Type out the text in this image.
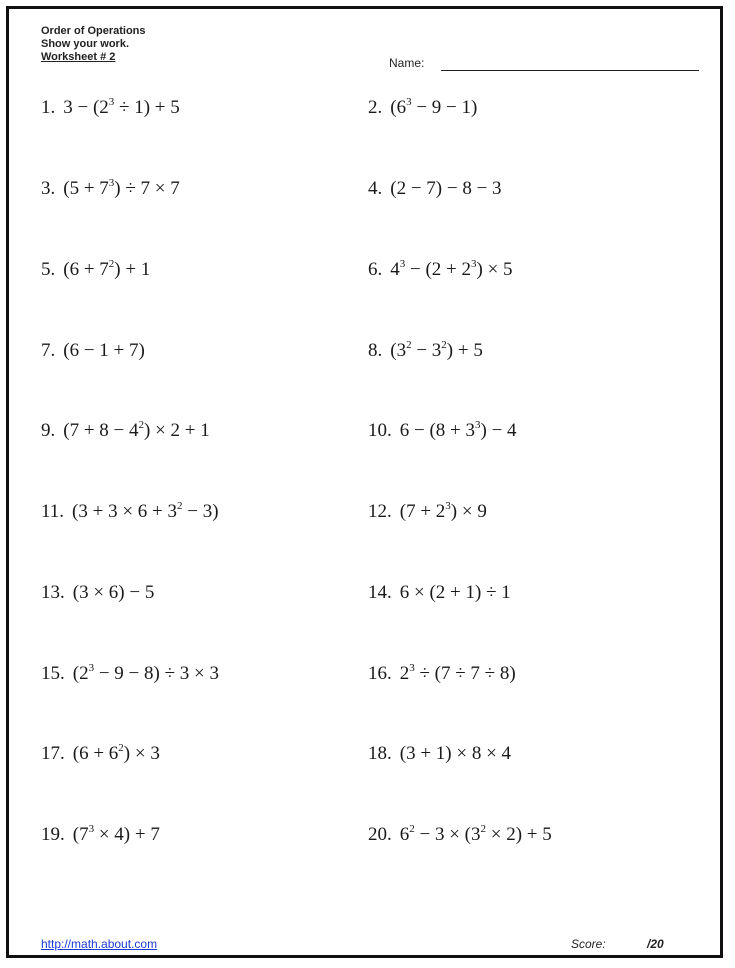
Order of Operations
Show your work.
Worksheet # 2	Name:
1. $3 - (2^3 \div 1) + 5$	2. $(6^3 - 9 - 1)$
3. $(5 + 7^3) \div 7 \times 7$	4. (2 − 7) − 8 − 3
5. $(6 + 7^2) + 1$	6. $4^3 - (2 + 2^3) \times 5$
7. (6 − 1 + 7)	8. $(3^2 - 3^2) + 5$
9. $(7 + 8 - 4^2) \times 2 + 1$	10. $6 - (8 + 3^3) - 4$
11. $(3 + 3 \times 6 + 3^2 - 3)$	12. $(7 + 2^3) \times 9$
13. (3 × 6) − 5	14. 6 × (2 + 1) ÷ 1
15. $(2^3 - 9 - 8) \div 3 \times 3$	16. $2^3 \div (7 \div 7 \div 8)$
17. $(6 + 6^2) \times 3$	18. (3 + 1) × 8 × 4
19. $(7^3 \times 4) + 7$	20. $6^2 - 3 \times (3^2 \times 2) + 5$
http://math.about.com	Score:	/20
